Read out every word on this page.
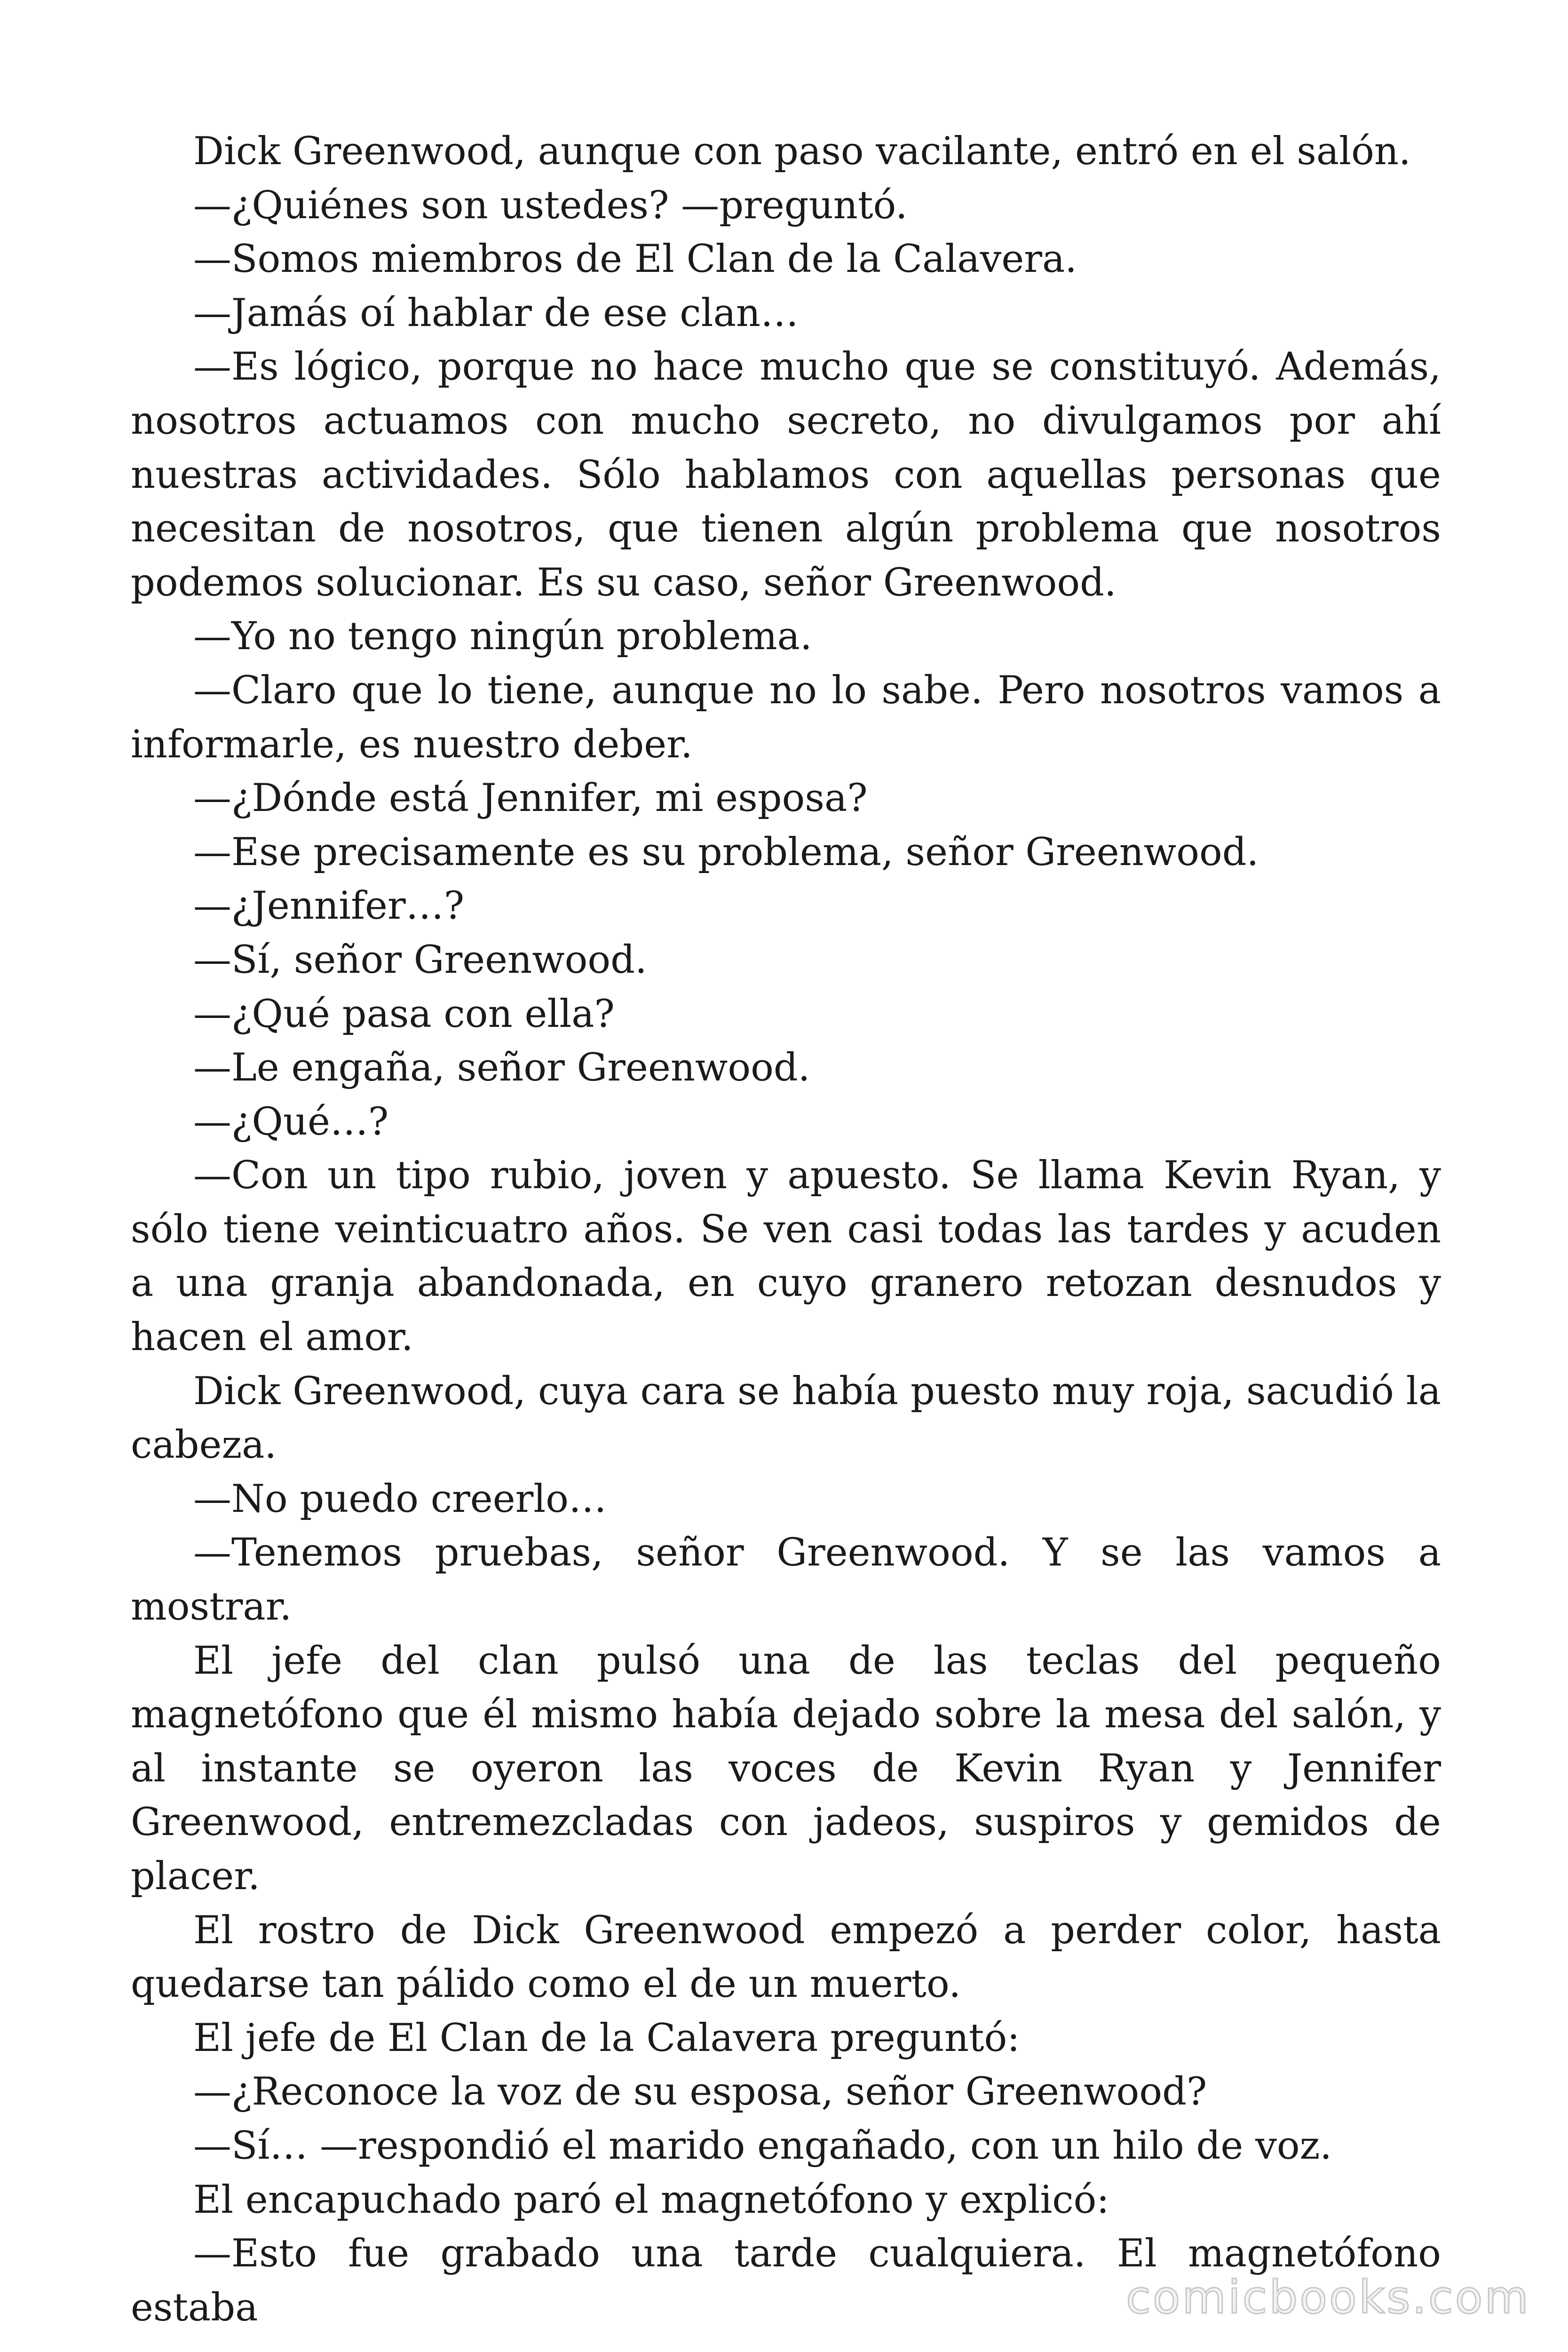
Dick Greenwood, aunque con paso vacilante, entró en el salón.

—¿Quiénes son ustedes? —preguntó.

—Somos miembros de El Clan de la Calavera.

—Jamás oí hablar de ese clan…

—Es lógico, porque no hace mucho que se constituyó. Además, nosotros actuamos con mucho secreto, no divulgamos por ahí nuestras actividades. Sólo hablamos con aquellas personas que necesitan de nosotros, que tienen algún problema que nosotros podemos solucionar. Es su caso, señor Greenwood.

—Yo no tengo ningún problema.

—Claro que lo tiene, aunque no lo sabe. Pero nosotros vamos a informarle, es nuestro deber.

—¿Dónde está Jennifer, mi esposa?

—Ese precisamente es su problema, señor Greenwood.

—¿Jennifer…?

—Sí, señor Greenwood.

—¿Qué pasa con ella?

—Le engaña, señor Greenwood.

—¿Qué…?

—Con un tipo rubio, joven y apuesto. Se llama Kevin Ryan, y sólo tiene veinticuatro años. Se ven casi todas las tardes y acuden a una granja abandonada, en cuyo granero retozan desnudos y hacen el amor.

Dick Greenwood, cuya cara se había puesto muy roja, sacudió la cabeza.

—No puedo creerlo…

—Tenemos pruebas, señor Greenwood. Y se las vamos a mostrar.

El jefe del clan pulsó una de las teclas del pequeño magnetófono que él mismo había dejado sobre la mesa del salón, y al instante se oyeron las voces de Kevin Ryan y Jennifer Greenwood, entremezcladas con jadeos, suspiros y gemidos de placer.

El rostro de Dick Greenwood empezó a perder color, hasta quedarse tan pálido como el de un muerto.

El jefe de El Clan de la Calavera preguntó:

—¿Reconoce la voz de su esposa, señor Greenwood?

—Sí… —respondió el marido engañado, con un hilo de voz.

El encapuchado paró el magnetófono y explicó:

—Esto fue grabado una tarde cualquiera. El magnetófono estaba	comicbooks.com
